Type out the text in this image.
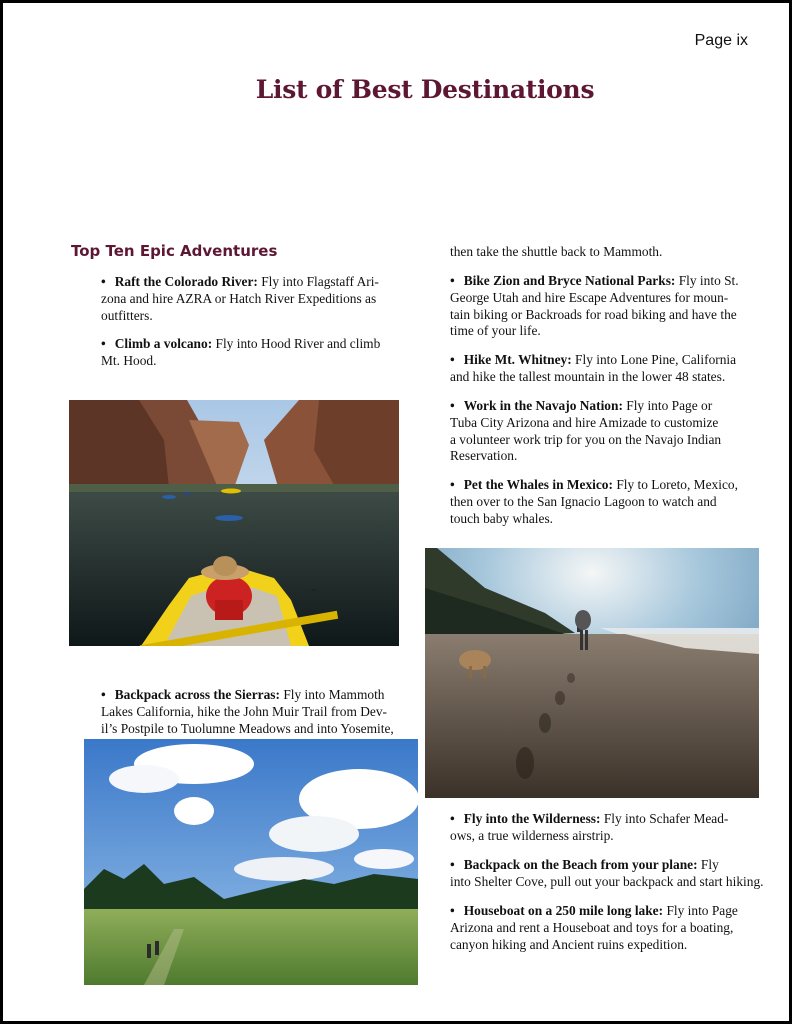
Page ix
List of Best Destinations
Top Ten Epic Adventures
• Raft the Colorado River: Fly into Flagstaff Ari-
zona and hire AZRA or Hatch River Expeditions as
outfitters.
• Climb a volcano: Fly into Hood River and climb
Mt. Hood.
• Backpack across the Sierras: Fly into Mammoth
Lakes California, hike the John Muir Trail from Dev-
il’s Postpile to Tuolumne Meadows and into Yosemite,
then take the shuttle back to Mammoth.
• Bike Zion and Bryce National Parks: Fly into St.
George Utah and hire Escape Adventures for moun-
tain biking or Backroads for road biking and have the
time of your life.
• Hike Mt. Whitney: Fly into Lone Pine, California
and hike the tallest mountain in the lower 48 states.
• Work in the Navajo Nation: Fly into Page or
Tuba City Arizona and hire Amizade to customize
a volunteer work trip for you on the Navajo Indian
Reservation.
• Pet the Whales in Mexico: Fly to Loreto, Mexico,
then over to the San Ignacio Lagoon to watch and
touch baby whales.
• Fly into the Wilderness: Fly into Schafer Mead-
ows, a true wilderness airstrip.
• Backpack on the Beach from your plane: Fly
into Shelter Cove, pull out your backpack and start hiking.
• Houseboat on a 250 mile long lake: Fly into Page
Arizona and rent a Houseboat and toys for a boating,
canyon hiking and Ancient ruins expedition.
